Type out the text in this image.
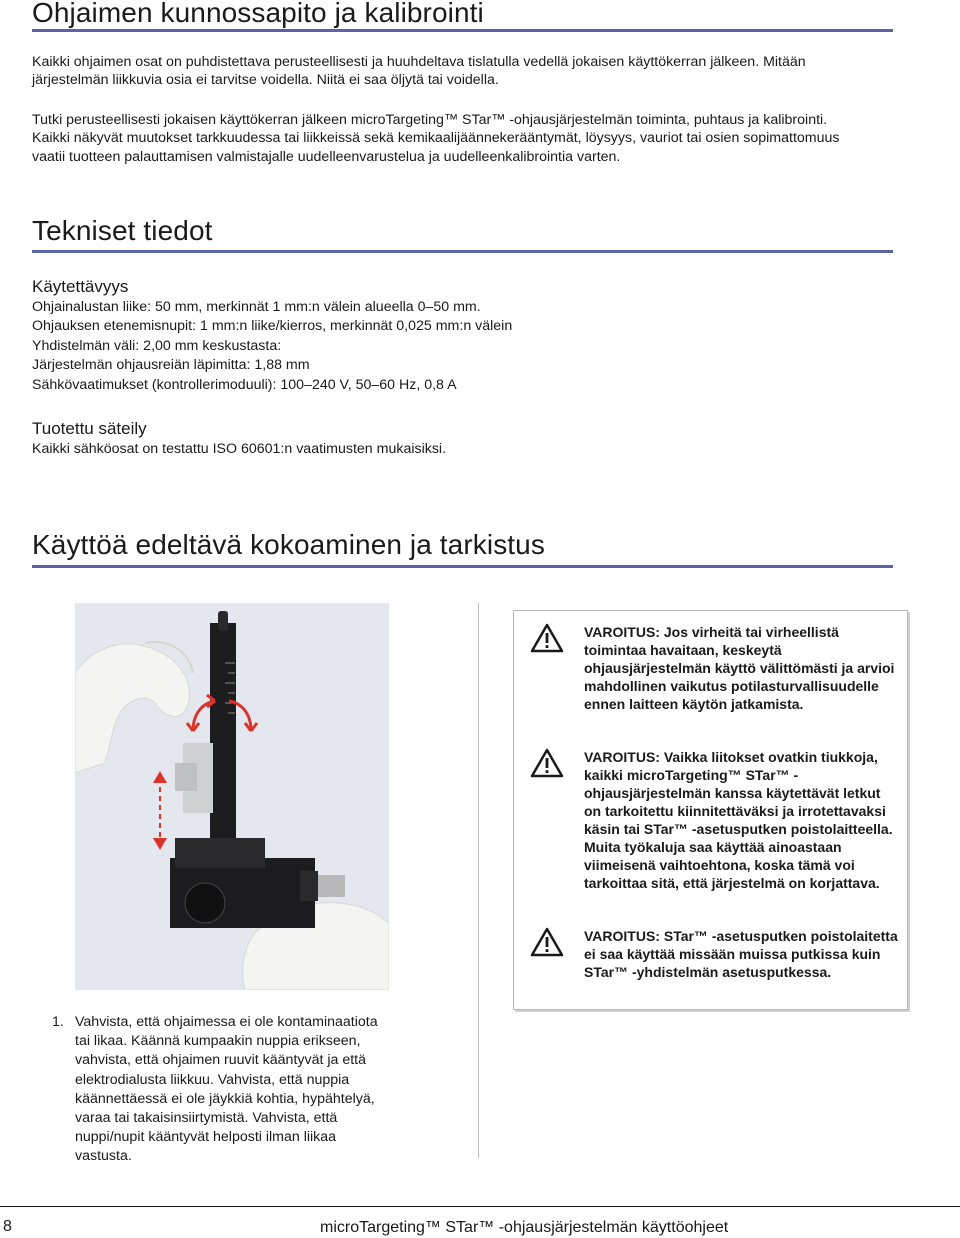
Ohjaimen kunnossapito ja kalibrointi

Kaikki ohjaimen osat on puhdistettava perusteellisesti ja huuhdeltava tislatulla vedellä jokaisen käyttökerran jälkeen. Mitään järjestelmän liikkuvia osia ei tarvitse voidella. Niitä ei saa öljytä tai voidella.

Tutki perusteellisesti jokaisen käyttökerran jälkeen microTargeting™ STar™ -ohjausjärjestelmän toiminta, puhtaus ja kalibrointi. Kaikki näkyvät muutokset tarkkuudessa tai liikkeissä sekä kemikaalijäännekerääntymät, löysyys, vauriot tai osien sopimattomuus vaatii tuotteen palauttamisen valmistajalle uudelleenvarustelua ja uudelleenkalibrointia varten.

Tekniset tiedot
Käytettävyys
Ohjainalustan liike: 50 mm, merkinnät 1 mm:n välein alueella 0–50 mm.
Ohjauksen etenemisnupit: 1 mm:n liike/kierros, merkinnät 0,025 mm:n välein
Yhdistelmän väli: 2,00 mm keskustasta:
Järjestelmän ohjausreiän läpimitta: 1,88 mm
Sähkövaatimukset (kontrollerimoduuli): 100–240 V, 50–60 Hz, 0,8 A
Tuotettu säteily
Kaikki sähköosat on testattu ISO 60601:n vaatimusten mukaisiksi.
Käyttöä edeltävä kokoaminen ja tarkistus
1. Vahvista, että ohjaimessa ei ole kontaminaatiota tai likaa. Käännä kumpaakin nuppia erikseen, vahvista, että ohjaimen ruuvit kääntyvät ja että elektrodialusta liikkuu. Vahvista, että nuppia käännettäessä ei ole jäykkiä kohtia, hypähtelyä, varaa tai takaisinsiirtymistä. Vahvista, että nuppi/nupit kääntyvät helposti ilman liikaa vastusta.
VAROITUS: Jos virheitä tai virheellistä toimintaa havaitaan, keskeytä ohjausjärjestelmän käyttö välittömästi ja arvioi mahdollinen vaikutus potilasturvallisuudelle ennen laitteen käytön jatkamista.
VAROITUS: Vaikka liitokset ovatkin tiukkoja, kaikki microTargeting™ STar™ -ohjausjärjestelmän kanssa käytettävät letkut on tarkoitettu kiinnitettäväksi ja irrotettavaksi käsin tai STar™ -asetusputken poistolaitteella. Muita työkaluja saa käyttää ainoastaan viimeisenä vaihtoehtona, koska tämä voi tarkoittaa sitä, että järjestelmä on korjattava.
VAROITUS: STar™ -asetusputken poistolaitetta ei saa käyttää missään muissa putkissa kuin STar™ -yhdistelmän asetusputkessa.
8	microTargeting™ STar™ -ohjausjärjestelmän käyttöohjeet
